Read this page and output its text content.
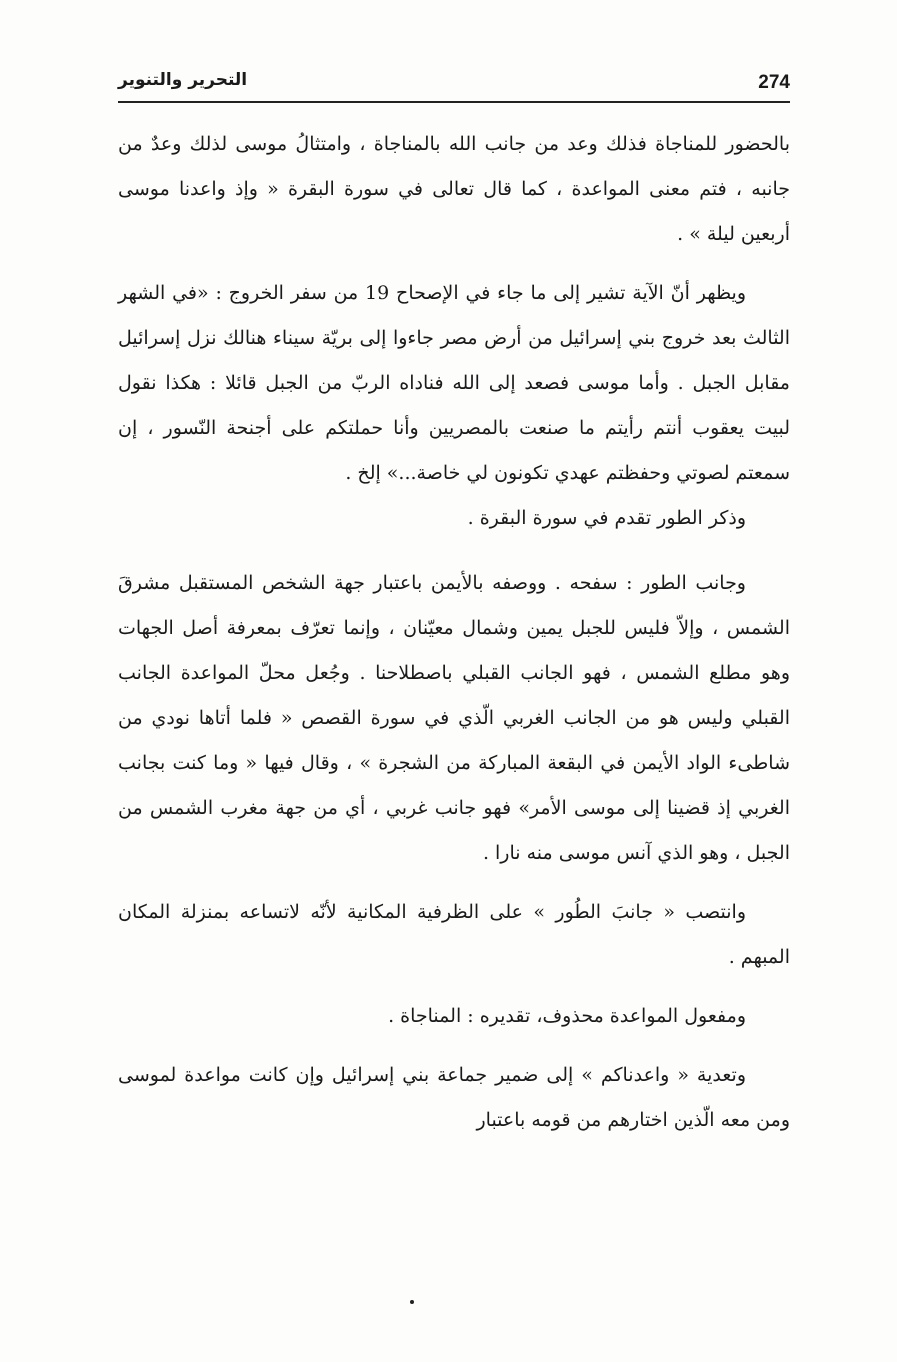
274
التحرير والتنوير

بالحضور للمناجاة فذلك وعد من جانب الله بالمناجاة ، وامتثالُ موسى لذلك وعدٌ من جانبه ، فتم معنى المواعدة ، كما قال تعالى في سورة البقرة « وإذ واعدنا موسى أربعين ليلة » .

ويظهر أنّ الآية تشير إلى ما جاء في الإصحاح 19 من سفر الخروج : «في الشهر الثالث بعد خروج بني إسرائيل من أرض مصر جاءوا إلى بريّة سيناء هنالك نزل إسرائيل مقابل الجبل . وأما موسى فصعد إلى الله فناداه الربّ من الجبل قائلا : هكذا نقول لبيت يعقوب أنتم رأيتم ما صنعت بالمصريين وأنا حملتكم على أجنحة النّسور ، إن سمعتم لصوتي وحفظتم عهدي تكونون لي خاصة...» إلخ .

وذكر الطور تقدم في سورة البقرة .

وجانب الطور : سفحه . ووصفه بالأيمن باعتبار جهة الشخص المستقبل مشرقَ الشمس ، وإلاّ فليس للجبل يمين وشمال معيّنان ، وإنما تعرّف بمعرفة أصل الجهات وهو مطلع الشمس ، فهو الجانب القبلي باصطلاحنا . وجُعل محلّ المواعدة الجانب القبلي وليس هو من الجانب الغربي الّذي في سورة القصص « فلما أتاها نودي من شاطىء الواد الأيمن في البقعة المباركة من الشجرة » ، وقال فيها « وما كنت بجانب الغربي إذ قضينا إلى موسى الأمر» فهو جانب غربي ، أي من جهة مغرب الشمس من الجبل ، وهو الذي آنس موسى منه نارا .

وانتصب « جانبَ الطُور » على الظرفية المكانية لأنّه لاتساعه بمنزلة المكان المبهم .

ومفعول المواعدة محذوف، تقديره : المناجاة .

وتعدية « واعدناكم » إلى ضمير جماعة بني إسرائيل وإن كانت مواعدة لموسى ومن معه الّذين اختارهم من قومه باعتبار
